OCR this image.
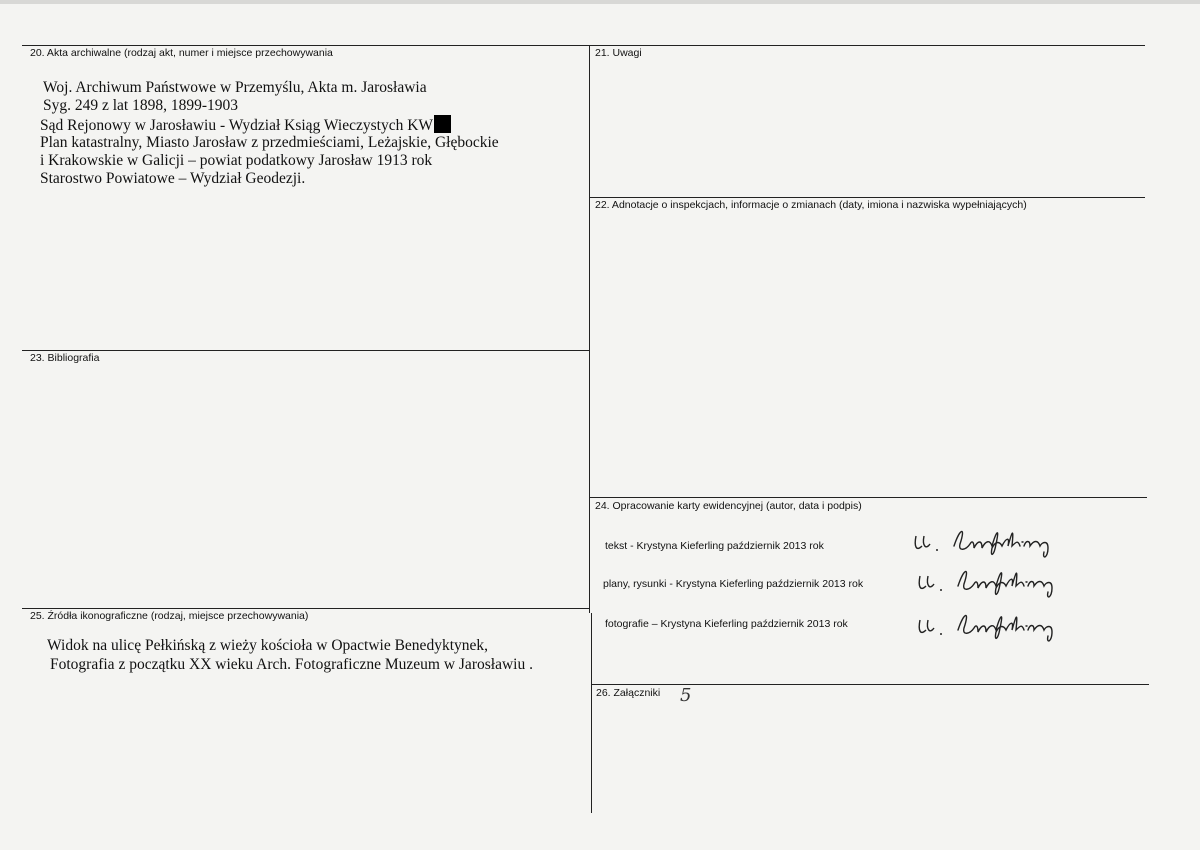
20. Akta archiwalne (rodzaj akt, numer i miejsce przechowywania
Woj. Archiwum Państwowe w Przemyślu, Akta m. Jarosławia
Syg. 249 z lat 1898, 1899-1903
Sąd Rejonowy w Jarosławiu - Wydział Ksiąg Wieczystych KW
Plan katastralny, Miasto Jarosław z przedmieściami, Leżajskie, Głębockie
i Krakowskie w Galicji – powiat podatkowy Jarosław 1913 rok
Starostwo Powiatowe – Wydział Geodezji.
21. Uwagi
22. Adnotacje o inspekcjach, informacje o zmianach (daty, imiona i nazwiska wypełniających)
23. Bibliografia
24. Opracowanie karty ewidencyjnej (autor, data i podpis)
tekst - Krystyna Kieferling październik 2013 rok
plany, rysunki - Krystyna Kieferling październik 2013 rok
fotografie – Krystyna Kieferling październik 2013 rok
25. Źródła ikonograficzne (rodzaj, miejsce przechowywania)
Widok na ulicę Pełkińską z wieży kościoła w Opactwie Benedyktynek,
Fotografia z początku XX wieku Arch. Fotograficzne Muzeum w Jarosławiu .
26. Załączniki 5
